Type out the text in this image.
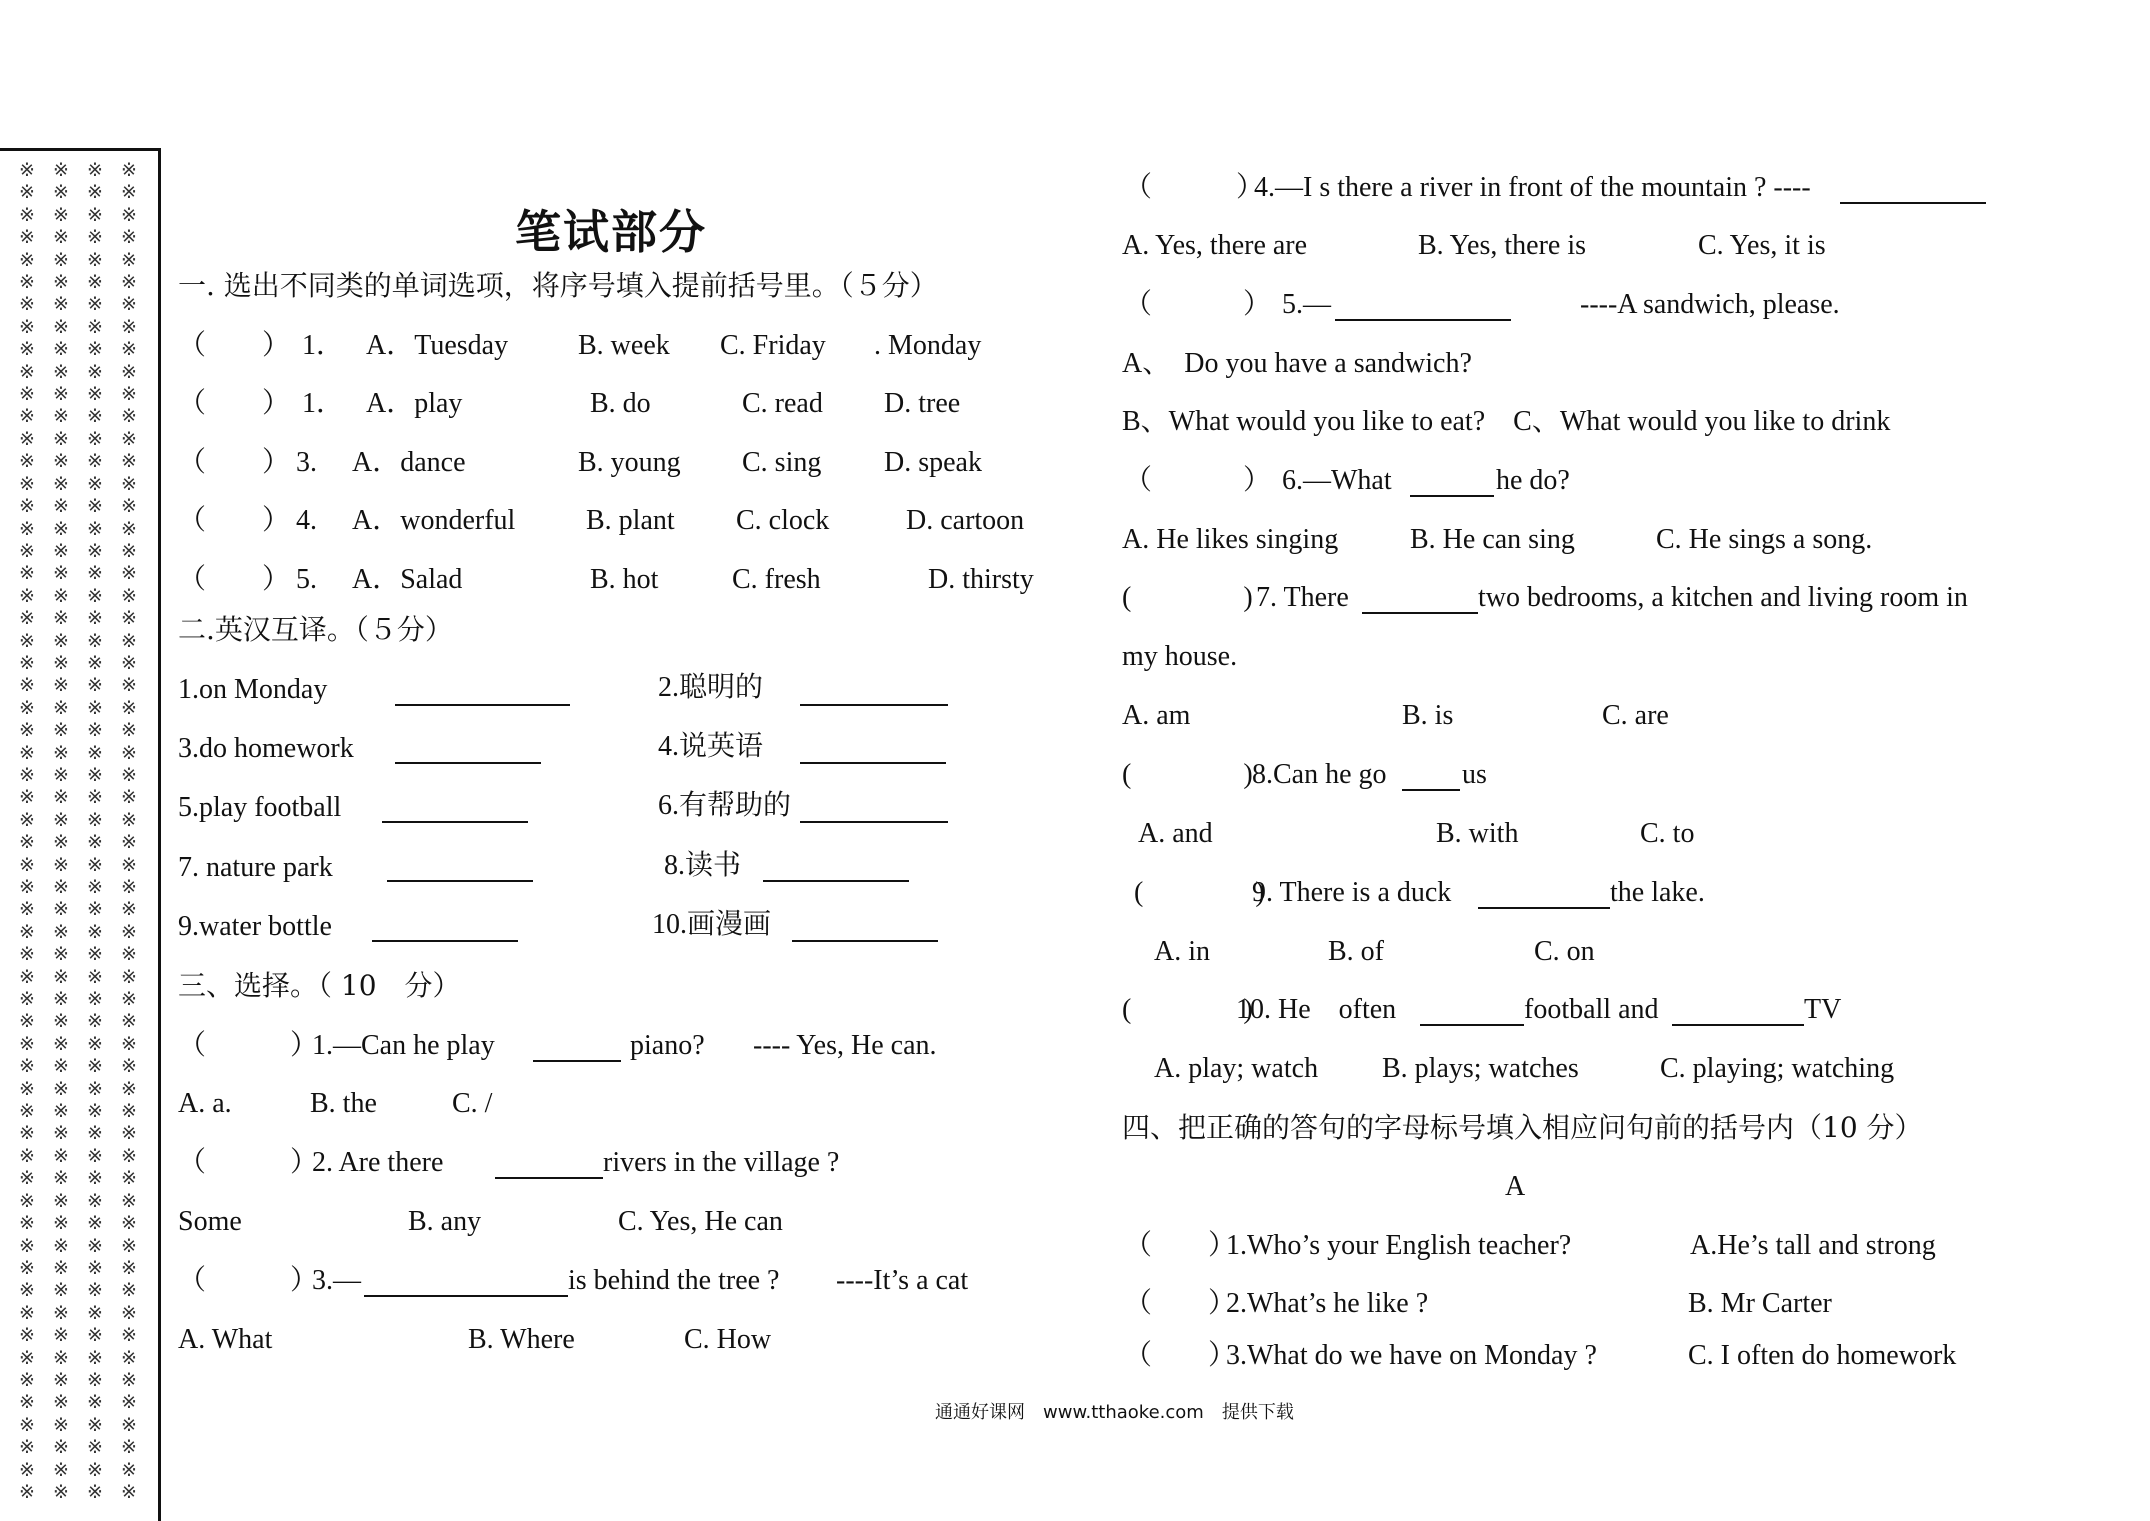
※
※
※
※
※
※
※
※
※
※
※
※
※
※
※
※
※
※
※
※
※
※
※
※
※
※
※
※
※
※
※
※
※
※
※
※
※
※
※
※
※
※
※
※
※
※
※
※
※
※
※
※
※
※
※
※
※
※
※
※
※
※
※
※
※
※
※
※
※
※
※
※
※
※
※
※
※
※
※
※
※
※
※
※
※
※
※
※
※
※
※
※
※
※
※
※
※
※
※
※
※
※
※
※
※
※
※
※
※
※
※
※
※
※
※
※
※
※
※
※
※
※
※
※
※
※
※
※
※
※
※
※
※
※
※
※
※
※
※
※
※
※
※
※
※
※
※
※
※
※
※
※
※
※
※
※
※
※
※
※
※
※
※
※
※
※
※
※
※
※
※
※
※
※
※
※
※
※
※
※
※
※
※
※
※
※
※
※
※
※
※
※
※
※
※
※
※
※
※
※
※
※
※
※
※
※
※
※
※
※
※
※
※
※
※
※
※
※
※
※
※
※
※
※
※
※
※
※
※
※
※
※
※
※
※
※
※
※
※
※
笔试部分
一. 选出不同类的单词选项，将序号填入提前括号里。（５分）
（　　） 1． A．Tuesday B. week C. Friday . Monday
（　　） 1． A．play	B. do	C. read D. tree
（　　） 3. A．dance	B. young C. sing D. speak
（　　） 4. A．wonderful	B. plant C. clock	D. cartoon
（　　） 5. A．Salad	B. hot	C. fresh	D. thirsty
二.英汉互译。（５分）
1.on Monday	2.聪明的
3.do homework	4.说英语
5.play football	6.有帮助的
7. nature park	8.读书
9.water bottle	10.画漫画
三、选择。（ 10　分）
（　　　）
1.—Can he play	piano? ---- Yes, He can.
A. a.	B. the	C. /
（　　　）
2. Are there	rivers in the village ?
Some	B. any	C. Yes, He can
（　　　）
3.—	is behind the tree ? ----It’s a cat
A. What	B. Where	C. How
（　　　）
4.—I s there a river in front of the mountain ? ----
A. Yes, there are	B. Yes, there is	C. Yes, it is
（　　　 ） 5.—	----A sandwich, please.
A、　Do you have a sandwich?
B、What would you like to eat?　C、What would you like to drink
（　　　 ） 6.—What	he do?
A. He likes singing	B. He can sing	C. He sings a song.
(　　　　) 7. There	two bedrooms, a kitchen and living room in
my house.
A. am	B. is	C. are
(　　　　) 8.Can he go	us
A. and	B. with	C. to
(　　　　)
9. There is a duck	the lake.
A. in	B. of	C. on
(　　　　)
10. He　often	football and	TV
A. play; watch B. plays; watches	C. playing; watching
四、把正确的答句的字母标号填入相应问句前的括号内（10 分）
A
（　　）
1.Who’s your English teacher?	A.He’s tall and strong
（　　）
2.What’s he like ?	B. Mr Carter
（　　）
3.What do we have on Monday ?	C. I often do homework
通通好课网　www.tthaoke.com　提供下载
